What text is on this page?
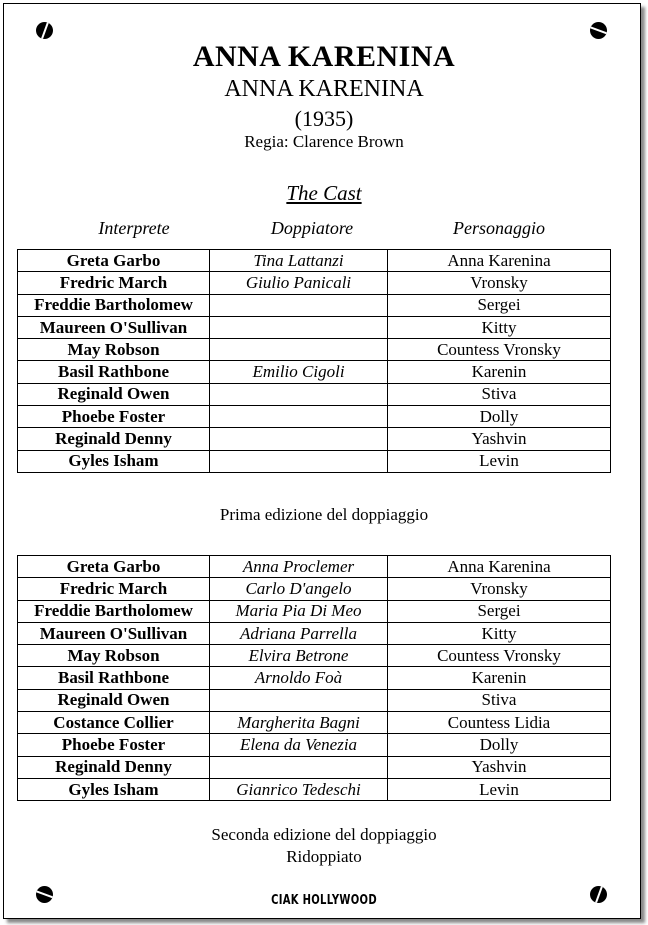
ANNA KARENINA
ANNA KARENINA
(1935)
Regia: Clarence Brown
The Cast
Interprete	Doppiatore	Personaggio
Greta Garbo	Tina Lattanzi	Anna Karenina
Fredric March	Giulio Panicali	Vronsky
Freddie Bartholomew		Sergei
Maureen O'Sullivan		Kitty
May Robson		Countess Vronsky
Basil Rathbone	Emilio Cigoli	Karenin
Reginald Owen		Stiva
Phoebe Foster		Dolly
Reginald Denny		Yashvin
Gyles Isham		Levin
Prima edizione del doppiaggio
Greta Garbo	Anna Proclemer	Anna Karenina
Fredric March	Carlo D'angelo	Vronsky
Freddie Bartholomew	Maria Pia Di Meo	Sergei
Maureen O'Sullivan	Adriana Parrella	Kitty
May Robson	Elvira Betrone	Countess Vronsky
Basil Rathbone	Arnoldo Foà	Karenin
Reginald Owen		Stiva
Costance Collier	Margherita Bagni	Countess Lidia
Phoebe Foster	Elena da Venezia	Dolly
Reginald Denny		Yashvin
Gyles Isham	Gianrico Tedeschi	Levin
Seconda edizione del doppiaggio
Ridoppiato
CIAK HOLLYWOOD
